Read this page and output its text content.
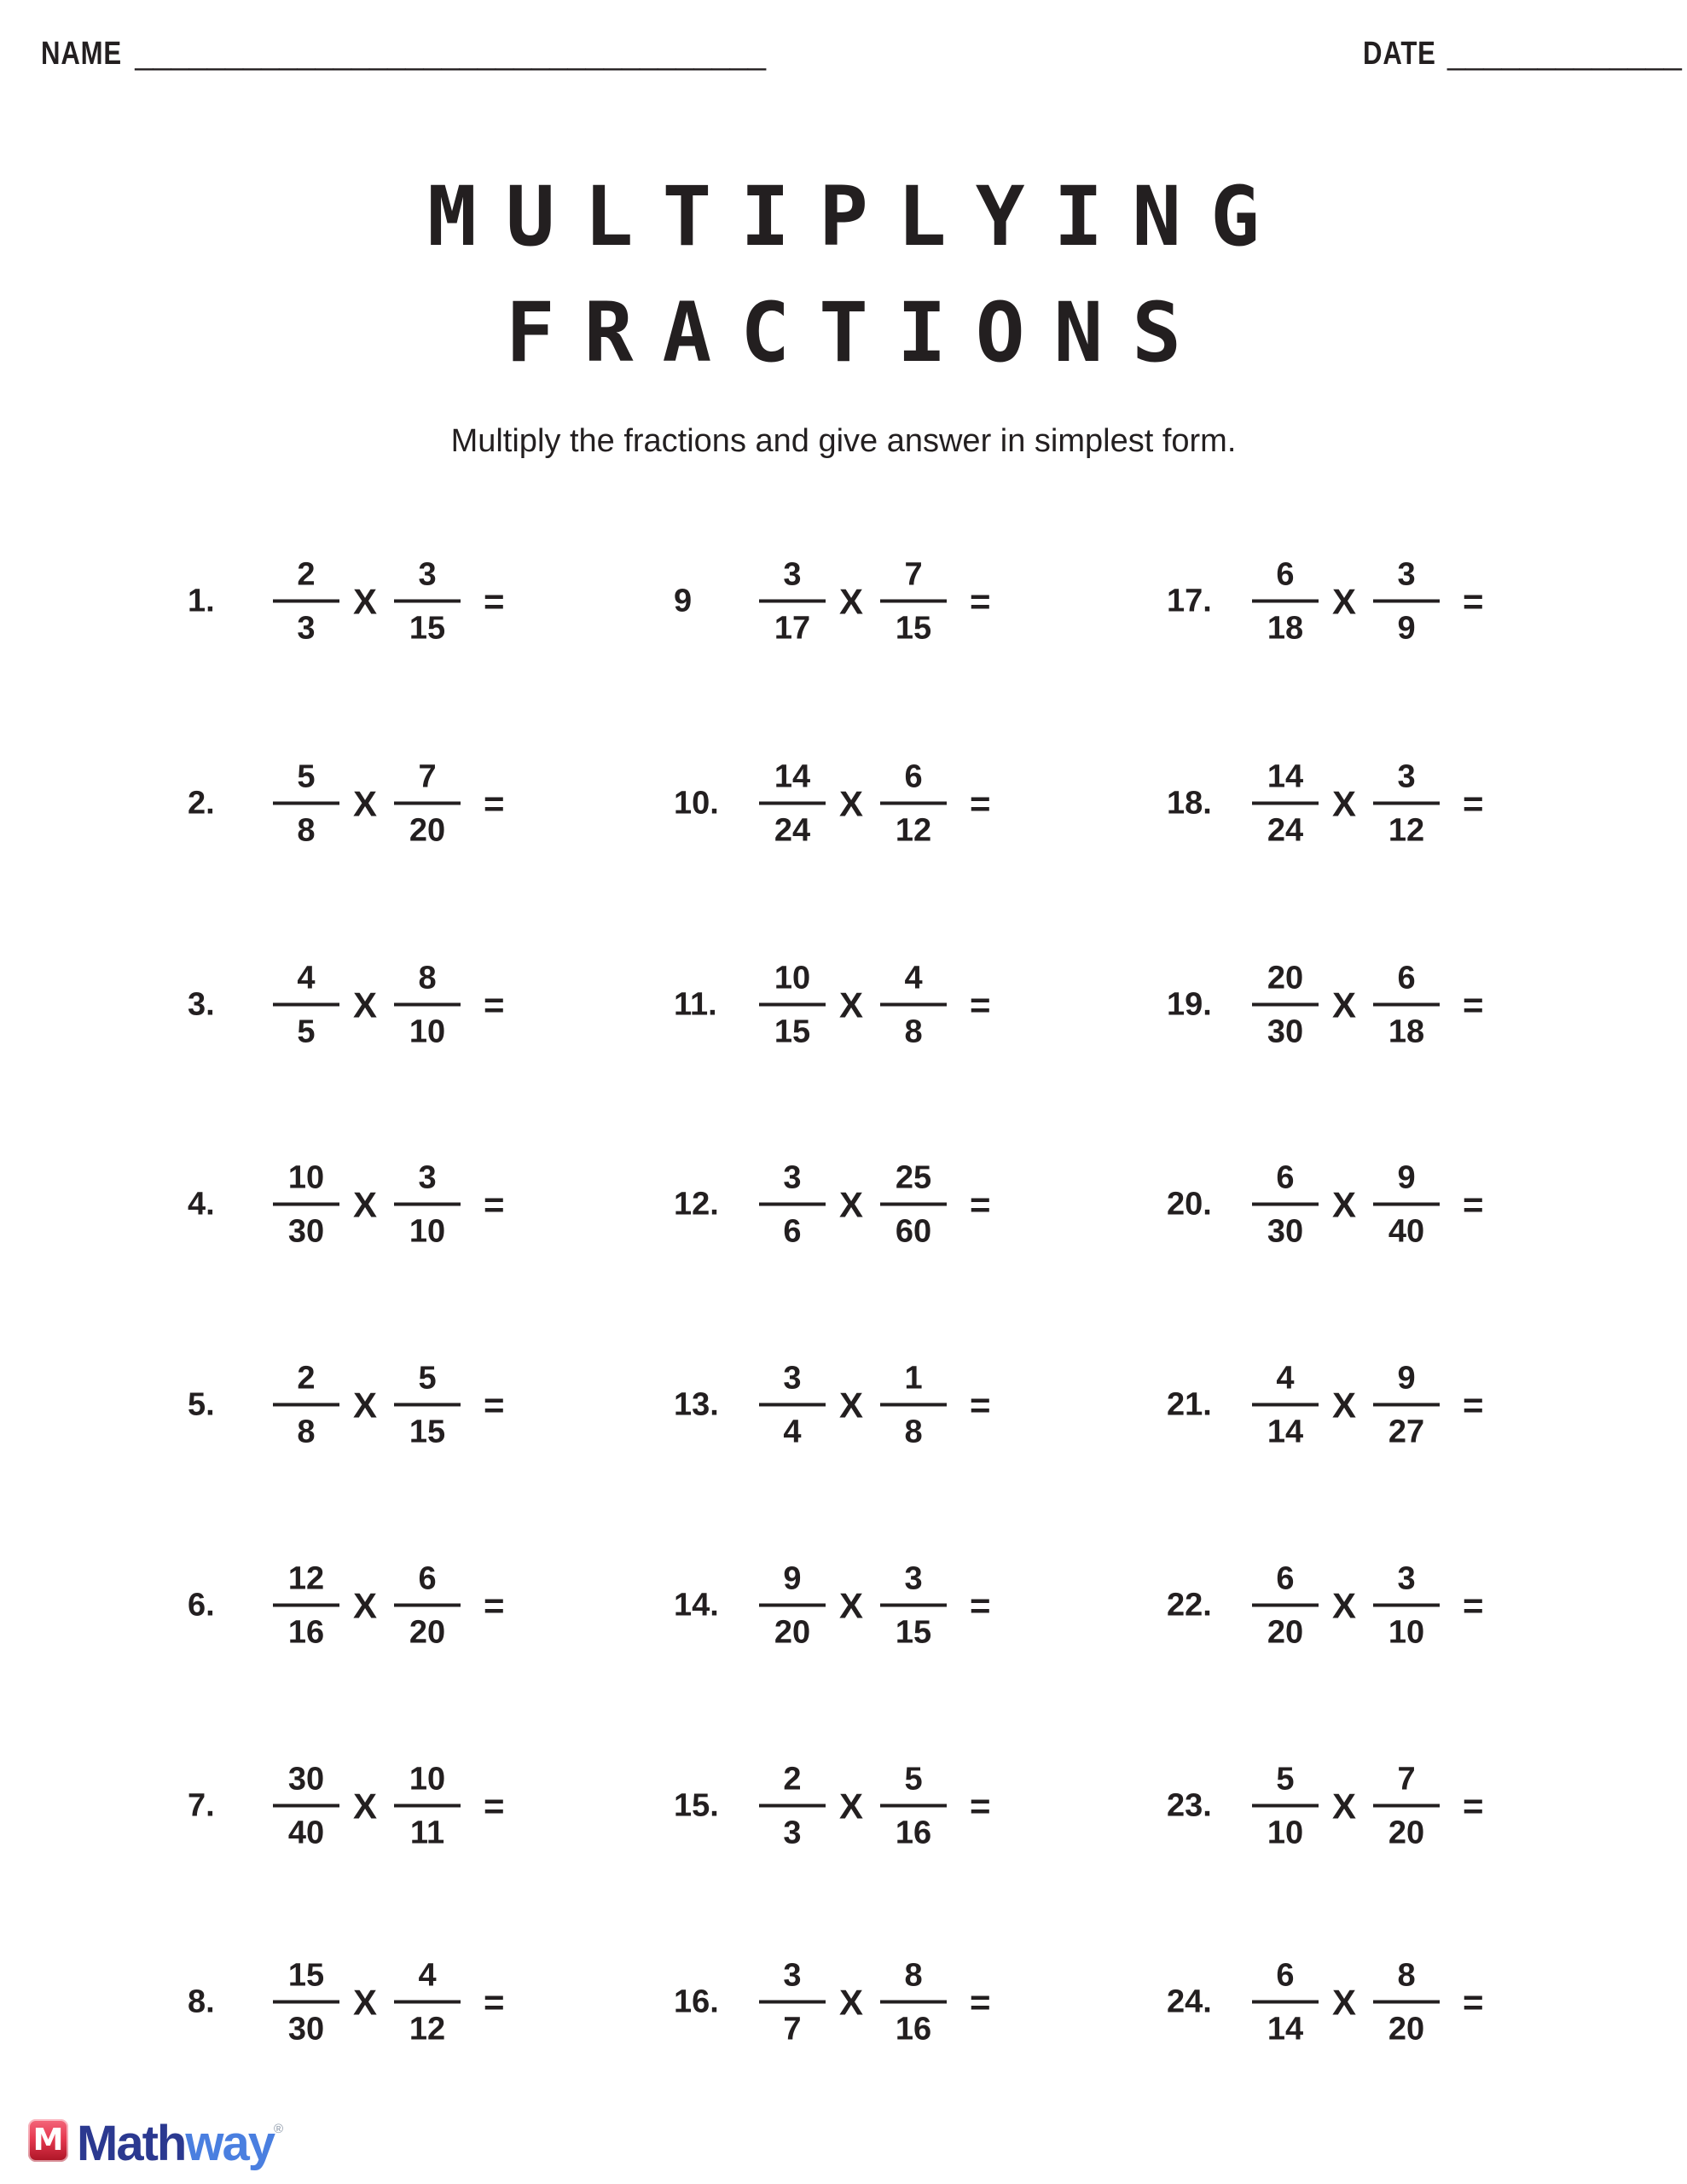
NAME ___________________________________	DATE _____________
MULTIPLYING
FRACTIONS
Multiply the fractions and give answer in simplest form.
1.	$\frac{2}{3}$ X $\frac{3}{15}$ =
2.	$\frac{5}{8}$ X $\frac{7}{20}$ =
3.	$\frac{4}{5}$ X $\frac{8}{10}$ =
4.	$\frac{10}{30}$ X $\frac{3}{10}$ =
5.	$\frac{2}{8}$ X $\frac{5}{15}$ =
6.	$\frac{12}{16}$ X $\frac{6}{20}$ =
7.	$\frac{30}{40}$ X $\frac{10}{11}$ =
8.	$\frac{15}{30}$ X $\frac{4}{12}$ =
9	$\frac{3}{17}$ X $\frac{7}{15}$ =
10.	$\frac{14}{24}$ X $\frac{6}{12}$ =
11.	$\frac{10}{15}$ X $\frac{4}{8}$ =
12.	$\frac{3}{6}$ X $\frac{25}{60}$ =
13.	$\frac{3}{4}$ X $\frac{1}{8}$ =
14.	$\frac{9}{20}$ X $\frac{3}{15}$ =
15.	$\frac{2}{3}$ X $\frac{5}{16}$ =
16.	$\frac{3}{7}$ X $\frac{8}{16}$ =
17.	$\frac{6}{18}$ X $\frac{3}{9}$ =
18.	$\frac{14}{24}$ X $\frac{3}{12}$ =
19.	$\frac{20}{30}$ X $\frac{6}{18}$ =
20.	$\frac{6}{30}$ X $\frac{9}{40}$ =
21.	$\frac{4}{14}$ X $\frac{9}{27}$ =
22.	$\frac{6}{20}$ X $\frac{3}{10}$ =
23.	$\frac{5}{10}$ X $\frac{7}{20}$ =
24.	$\frac{6}{14}$ X $\frac{8}{20}$ =
M Mathway®
